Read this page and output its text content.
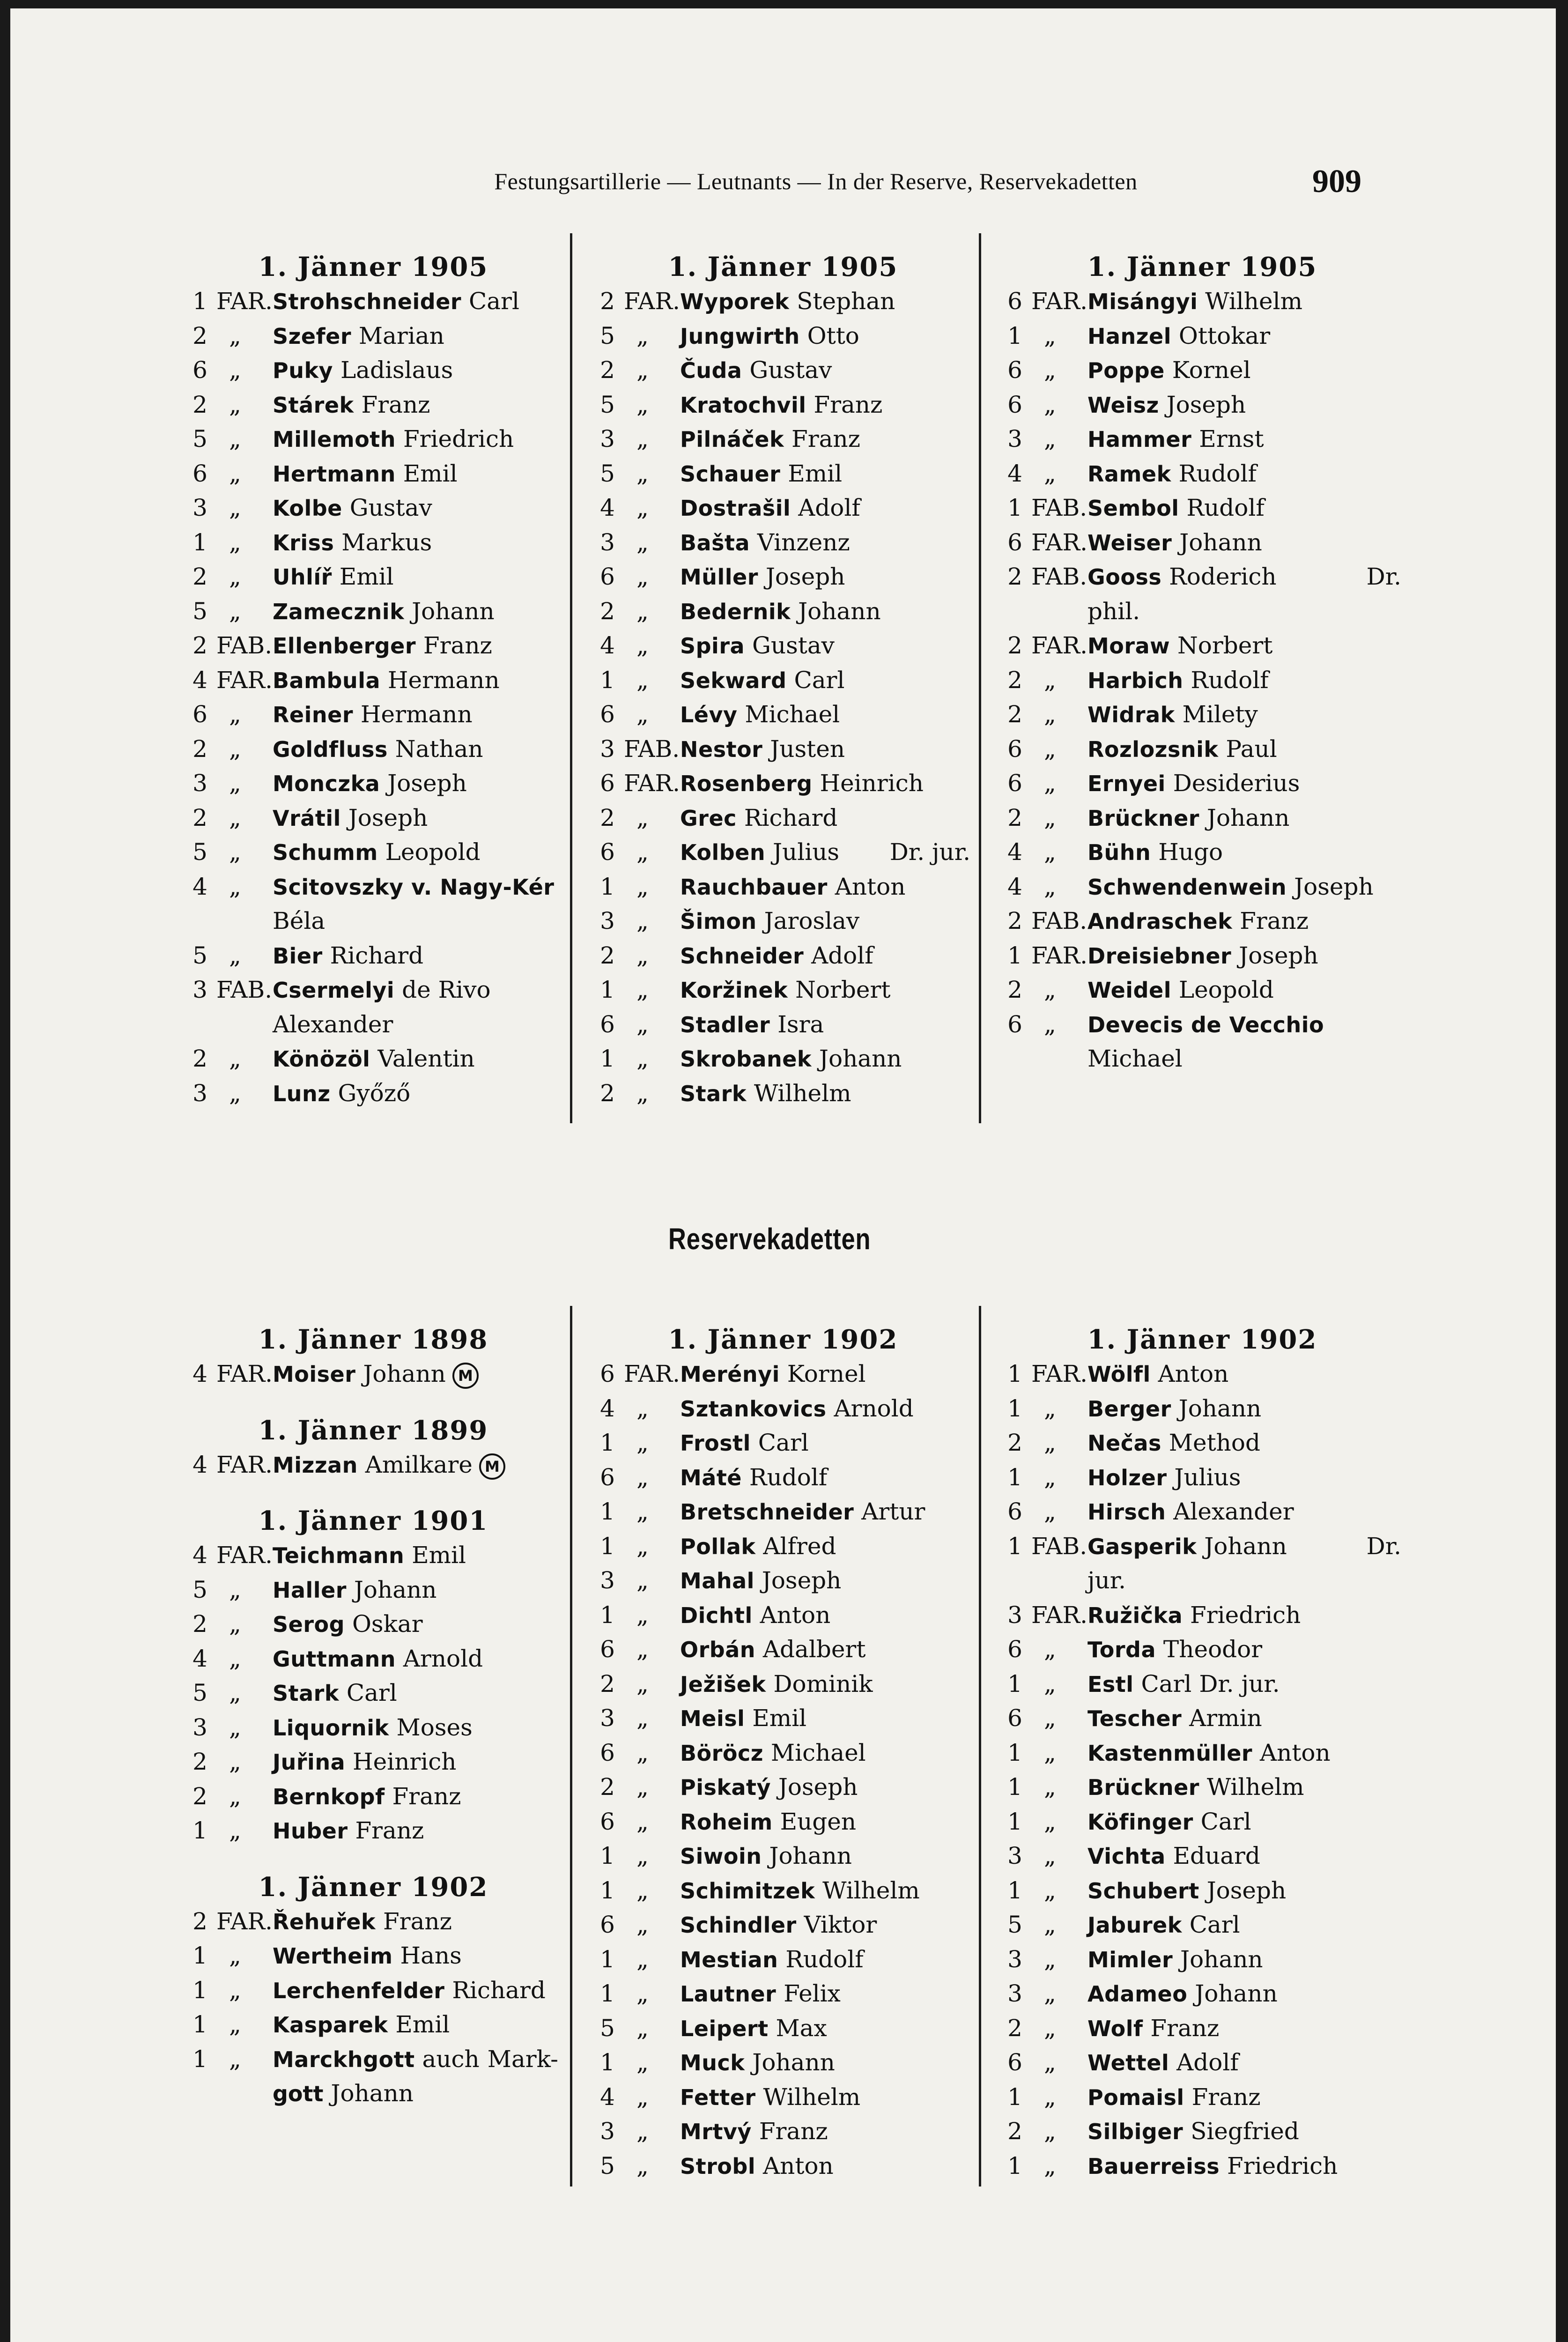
Festungsartillerie — Leutnants — In der Reserve, Reservekadetten	909
1. Jänner 1905
1 FAR. Strohschneider Carl
2 „	Szefer Marian
6 „	Puky Ladislaus
2 „	Stárek Franz
5 „	Millemoth Friedrich
6 „	Hertmann Emil
3 „	Kolbe Gustav
1 „	Kriss Markus
2 „	Uhlíř Emil
5 „	Zamecznik Johann
2 FAB. Ellenberger Franz
4 FAR. Bambula Hermann
6 „	Reiner Hermann
2 „	Goldfluss Nathan
3 „	Monczka Joseph
2 „	Vrátil Joseph
5 „	Schumm Leopold
4 „	Scitovszky v. Nagy-Kér
Béla
5 „	Bier Richard
3 FAB. Csermelyi de Rivo
Alexander
2 „	Könözöl Valentin
3 „	Lunz Győző
1. Jänner 1905
2 FAR. Wyporek Stephan
5 „	Jungwirth Otto
2 „	Čuda Gustav
5 „	Kratochvil Franz
3 „	Pilnáček Franz
5 „	Schauer Emil
4 „	Dostrašil Adolf
3 „	Bašta Vinzenz
6 „	Müller Joseph
2 „	Bedernik Johann
4 „	Spira Gustav
1 „	Sekward Carl
6 „	Lévy Michael
3 FAB. Nestor Justen
6 FAR. Rosenberg Heinrich
2 „	Grec Richard
6 „	Kolben Julius Dr. jur.
1 „	Rauchbauer Anton
3 „	Šimon Jaroslav
2 „	Schneider Adolf
1 „	Koržinek Norbert
6 „	Stadler Isra
1 „	Skrobanek Johann
2 „	Stark Wilhelm
1. Jänner 1905
6 FAR. Misángyi Wilhelm
1 „	Hanzel Ottokar
6 „	Poppe Kornel
6 „	Weisz Joseph
3 „	Hammer Ernst
4 „	Ramek Rudolf
1 FAB. Sembol Rudolf
6 FAR. Weiser Johann
2 FAB. Gooss Roderich	Dr.
phil.
2 FAR. Moraw Norbert
2 „	Harbich Rudolf
2 „	Widrak Milety
6 „	Rozlozsnik Paul
6 „	Ernyei Desiderius
2 „	Brückner Johann
4 „	Bühn Hugo
4 „	Schwendenwein Joseph
2 FAB. Andraschek Franz
1 FAR. Dreisiebner Joseph
2 „	Weidel Leopold
6 „	Devecis de Vecchio
Michael
Reservekadetten
1. Jänner 1898
4 FAR. Moiser Johann M
1. Jänner 1899
4 FAR. Mizzan Amilkare M
1. Jänner 1901
4 FAR. Teichmann Emil
5 „	Haller Johann
2 „	Serog Oskar
4 „	Guttmann Arnold
5 „	Stark Carl
3 „	Liquornik Moses
2 „	Juřina Heinrich
2 „	Bernkopf Franz
1 „	Huber Franz
1. Jänner 1902
2 FAR. Řehuřek Franz
1 „	Wertheim Hans
1 „	Lerchenfelder Richard
1 „	Kasparek Emil
1 „	Marckhgott auch Mark-
gott Johann
1. Jänner 1902
6 FAR. Merényi Kornel
4 „	Sztankovics Arnold
1 „	Frostl Carl
6 „	Máté Rudolf
1 „	Bretschneider Artur
1 „	Pollak Alfred
3 „	Mahal Joseph
1 „	Dichtl Anton
6 „	Orbán Adalbert
2 „	Ježišek Dominik
3 „	Meisl Emil
6 „	Böröcz Michael
2 „	Piskatý Joseph
6 „	Roheim Eugen
1 „	Siwoin Johann
1 „	Schimitzek Wilhelm
6 „	Schindler Viktor
1 „	Mestian Rudolf
1 „	Lautner Felix
5 „	Leipert Max
1 „	Muck Johann
4 „	Fetter Wilhelm
3 „	Mrtvý Franz
5 „	Strobl Anton
1. Jänner 1902
1 FAR. Wölfl Anton
1 „	Berger Johann
2 „	Nečas Method
1 „	Holzer Julius
6 „	Hirsch Alexander
1 FAB. Gasperik Johann	Dr.
jur.
3 FAR. Ružička Friedrich
6 „	Torda Theodor
1 „	Estl Carl Dr. jur.
6 „	Tescher Armin
1 „	Kastenmüller Anton
1 „	Brückner Wilhelm
1 „	Köfinger Carl
3 „	Vichta Eduard
1 „	Schubert Joseph
5 „	Jaburek Carl
3 „	Mimler Johann
3 „	Adameo Johann
2 „	Wolf Franz
6 „	Wettel Adolf
1 „	Pomaisl Franz
2 „	Silbiger Siegfried
1 „	Bauerreiss Friedrich
